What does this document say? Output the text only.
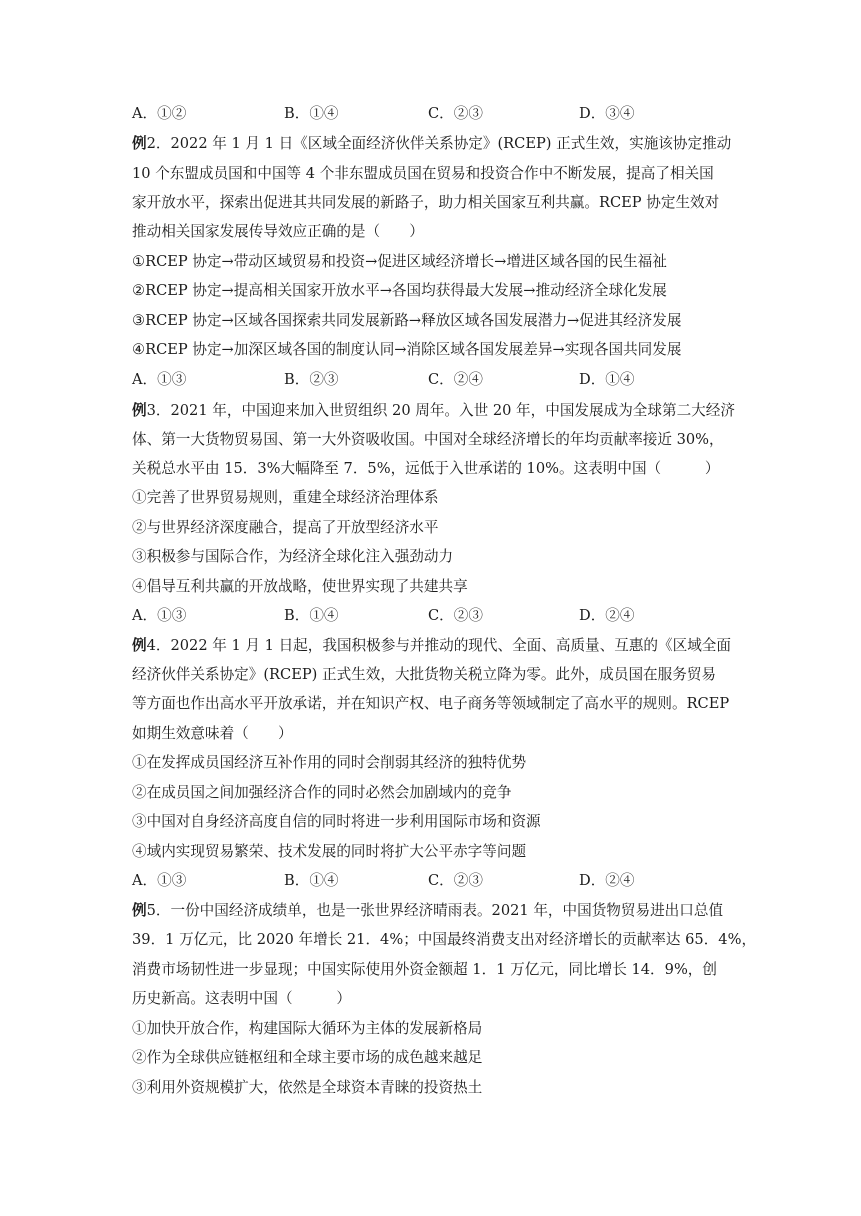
A．①②	B．①④	C．②③	D．③④
例2．2022 年 1 月 1 日《区域全面经济伙伴关系协定》(RCEP) 正式生效，实施该协定推动
10 个东盟成员国和中国等 4 个非东盟成员国在贸易和投资合作中不断发展，提高了相关国
家开放水平，探索出促进其共同发展的新路子，助力相关国家互利共赢。RCEP 协定生效对
推动相关国家发展传导效应正确的是（　　）
①RCEP 协定→带动区域贸易和投资→促进区域经济增长→增进区域各国的民生福祉
②RCEP 协定→提高相关国家开放水平→各国均获得最大发展→推动经济全球化发展
③RCEP 协定→区域各国探索共同发展新路→释放区域各国发展潜力→促进其经济发展
④RCEP 协定→加深区域各国的制度认同→消除区域各国发展差异→实现各国共同发展
A．①③	B．②③	C．②④	D．①④
例3．2021 年，中国迎来加入世贸组织 20 周年。入世 20 年，中国发展成为全球第二大经济
体、第一大货物贸易国、第一大外资吸收国。中国对全球经济增长的年均贡献率接近 30%，
关税总水平由 15．3%大幅降至 7．5%，远低于入世承诺的 10%。这表明中国（　　　）
①完善了世界贸易规则，重建全球经济治理体系
②与世界经济深度融合，提高了开放型经济水平
③积极参与国际合作，为经济全球化注入强劲动力
④倡导互利共赢的开放战略，使世界实现了共建共享
A．①③	B．①④	C．②③	D．②④
例4．2022 年 1 月 1 日起，我国积极参与并推动的现代、全面、高质量、互惠的《区域全面
经济伙伴关系协定》(RCEP) 正式生效，大批货物关税立降为零。此外，成员国在服务贸易
等方面也作出高水平开放承诺，并在知识产权、电子商务等领域制定了高水平的规则。RCEP
如期生效意味着（　　）
①在发挥成员国经济互补作用的同时会削弱其经济的独特优势
②在成员国之间加强经济合作的同时必然会加剧域内的竞争
③中国对自身经济高度自信的同时将进一步利用国际市场和资源
④域内实现贸易繁荣、技术发展的同时将扩大公平赤字等问题
A．①③	B．①④	C．②③	D．②④
例5．一份中国经济成绩单，也是一张世界经济晴雨表。2021 年，中国货物贸易进出口总值
39．1 万亿元，比 2020 年增长 21．4%；中国最终消费支出对经济增长的贡献率达 65．4%，
消费市场韧性进一步显现；中国实际使用外资金额超 1．1 万亿元，同比增长 14．9%，创
历史新高。这表明中国（　　　）
①加快开放合作，构建国际大循环为主体的发展新格局
②作为全球供应链枢纽和全球主要市场的成色越来越足
③利用外资规模扩大，依然是全球资本青睐的投资热土
